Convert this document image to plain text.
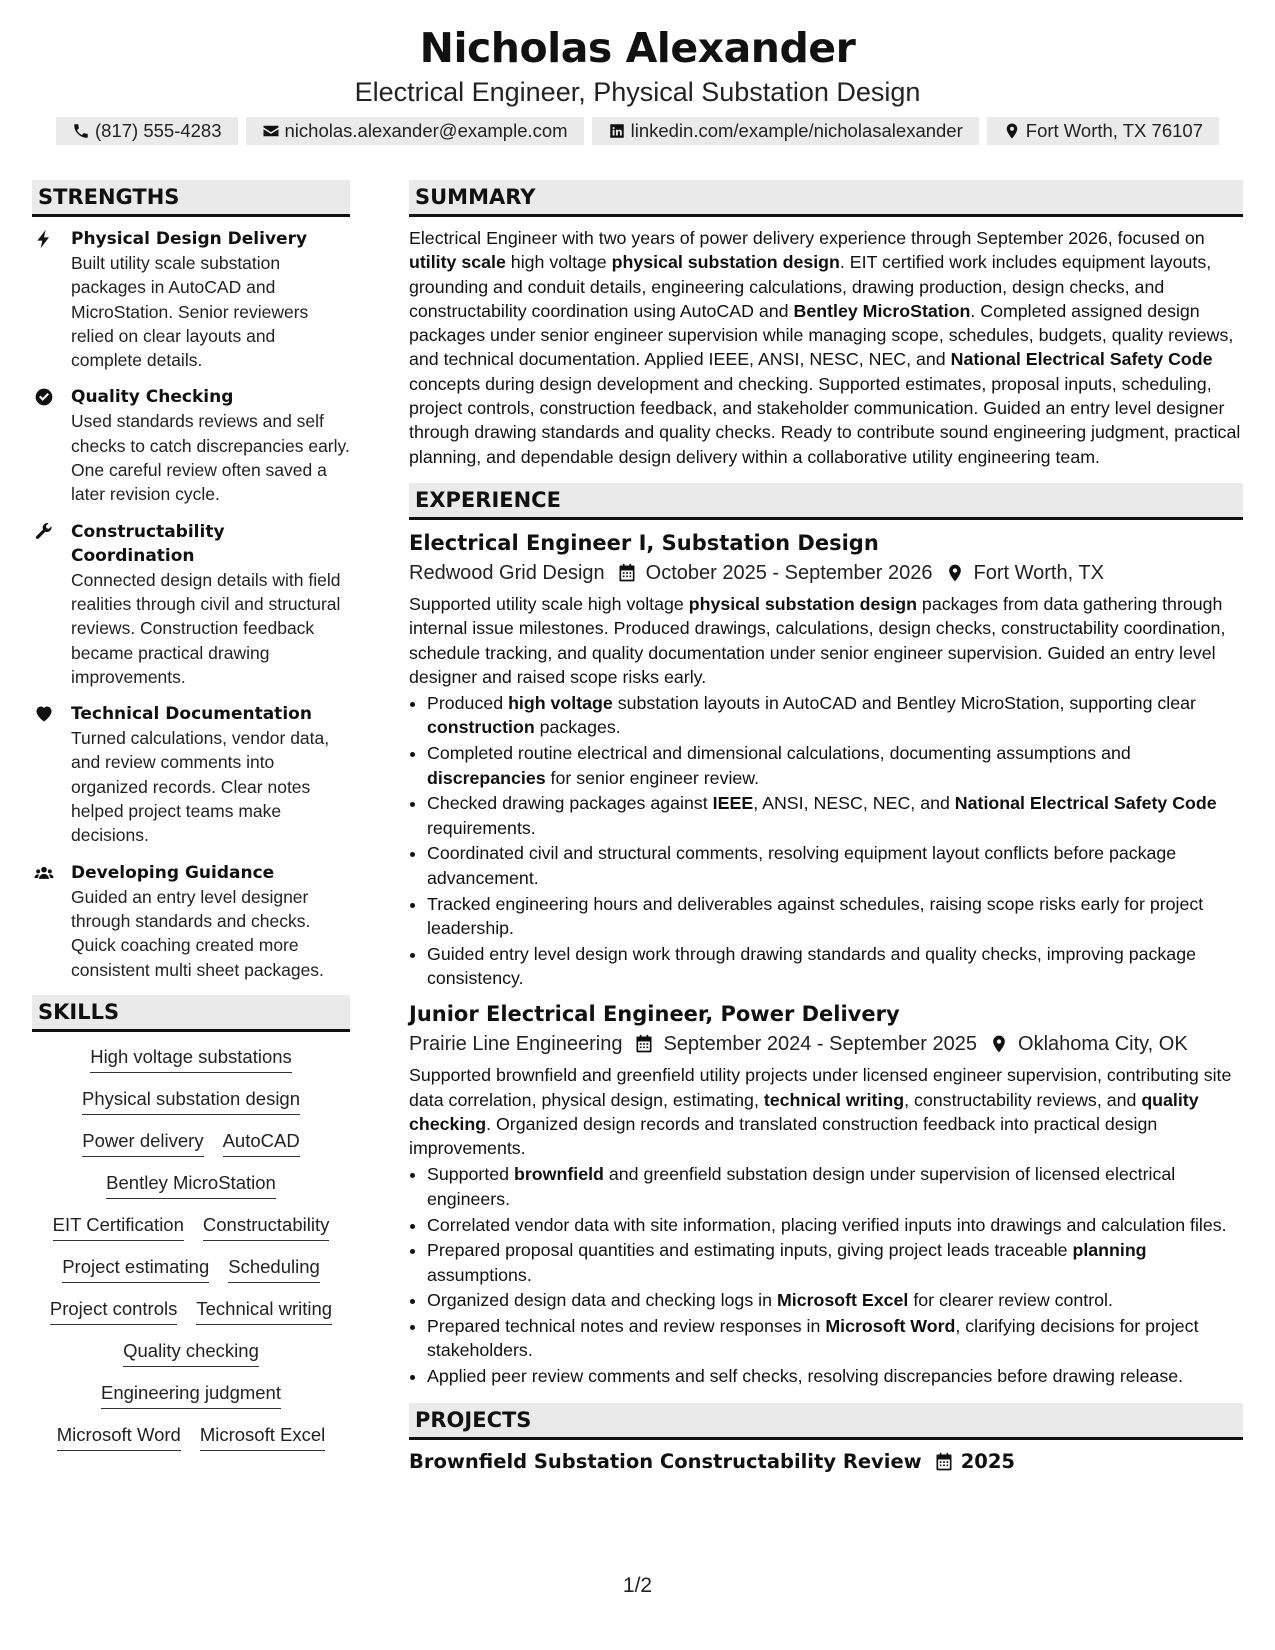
Nicholas Alexander
Electrical Engineer, Physical Substation Design
(817) 555-4283	nicholas.alexander@example.com	linkedin.com/example/nicholasalexander	Fort Worth, TX 76107
STRENGTHS
Physical Design Delivery
Built utility scale substation packages in AutoCAD and MicroStation. Senior reviewers relied on clear layouts and complete details.
Quality Checking
Used standards reviews and self checks to catch discrepancies early. One careful review often saved a later revision cycle.
Constructability Coordination
Connected design details with field realities through civil and structural reviews. Construction feedback became practical drawing improvements.
Technical Documentation
Turned calculations, vendor data, and review comments into organized records. Clear notes helped project teams make decisions.
Developing Guidance
Guided an entry level designer through standards and checks. Quick coaching created more consistent multi sheet packages.
SKILLS
High voltage substations
Physical substation design
Power delivery AutoCAD
Bentley MicroStation
EIT Certification Constructability
Project estimating Scheduling
Project controls Technical writing
Quality checking
Engineering judgment
Microsoft Word Microsoft Excel
SUMMARY
Electrical Engineer with two years of power delivery experience through September 2026, focused on utility scale high voltage physical substation design. EIT certified work includes equipment layouts, grounding and conduit details, engineering calculations, drawing production, design checks, and constructability coordination using AutoCAD and Bentley MicroStation. Completed assigned design packages under senior engineer supervision while managing scope, schedules, budgets, quality reviews, and technical documentation. Applied IEEE, ANSI, NESC, NEC, and National Electrical Safety Code concepts during design development and checking. Supported estimates, proposal inputs, scheduling, project controls, construction feedback, and stakeholder communication. Guided an entry level designer through drawing standards and quality checks. Ready to contribute sound engineering judgment, practical planning, and dependable design delivery within a collaborative utility engineering team.
EXPERIENCE
Electrical Engineer I, Substation Design
Redwood Grid Design October 2025 - September 2026 Fort Worth, TX
Supported utility scale high voltage physical substation design packages from data gathering through internal issue milestones. Produced drawings, calculations, design checks, constructability coordination, schedule tracking, and quality documentation under senior engineer supervision. Guided an entry level designer and raised scope risks early.
• Produced high voltage substation layouts in AutoCAD and Bentley MicroStation, supporting clear construction packages.
• Completed routine electrical and dimensional calculations, documenting assumptions and discrepancies for senior engineer review.
• Checked drawing packages against IEEE, ANSI, NESC, NEC, and National Electrical Safety Code requirements.
• Coordinated civil and structural comments, resolving equipment layout conflicts before package advancement.
• Tracked engineering hours and deliverables against schedules, raising scope risks early for project leadership.
• Guided entry level design work through drawing standards and quality checks, improving package consistency.
Junior Electrical Engineer, Power Delivery
Prairie Line Engineering September 2024 - September 2025 Oklahoma City, OK
Supported brownfield and greenfield utility projects under licensed engineer supervision, contributing site data correlation, physical design, estimating, technical writing, constructability reviews, and quality checking. Organized design records and translated construction feedback into practical design improvements.
• Supported brownfield and greenfield substation design under supervision of licensed electrical engineers.
• Correlated vendor data with site information, placing verified inputs into drawings and calculation files.
• Prepared proposal quantities and estimating inputs, giving project leads traceable planning assumptions.
• Organized design data and checking logs in Microsoft Excel for clearer review control.
• Prepared technical notes and review responses in Microsoft Word, clarifying decisions for project stakeholders.
• Applied peer review comments and self checks, resolving discrepancies before drawing release.
PROJECTS
Brownfield Substation Constructability Review 2025
1/2
